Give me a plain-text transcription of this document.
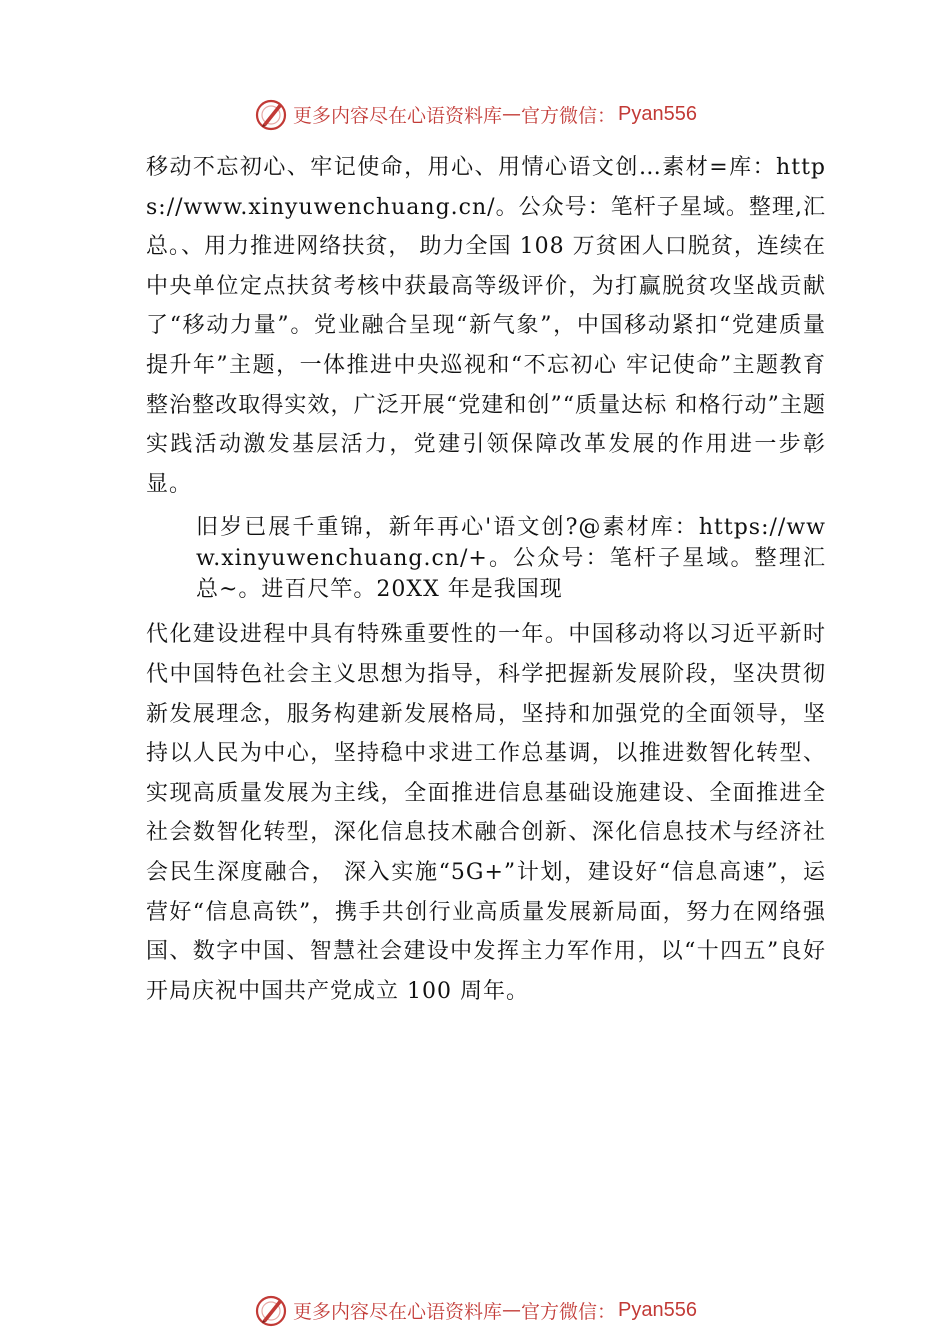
更多内容尽在心语资料库 — 官方微信： Pyan556

移动不忘初心、牢记使命，用心、用情心语文创…素材=库：https://www.xinyuwenchuang.cn/。公众号：笔杆子星域。整理,汇总。、用力推进网络扶贫， 助力全国 108 万贫困人口脱贫，连续在中央单位定点扶贫考核中获最高等级评价，为打赢脱贫攻坚战贡献了“移动力量”。党业融合呈现“新气象”，中国移动紧扣“党建质量提升年”主题，一体推进中央巡视和“不忘初心 牢记使命”主题教育整治整改取得实效，广泛开展“党建和创”“质量达标 和格行动”主题实践活动激发基层活力，党建引领保障改革发展的作用进一步彰显。

旧岁已展千重锦，新年再心'语文创?@素材库：https://www.xinyuwenchuang.cn/+。公众号：笔杆子星域。整理汇总~。进百尺竿。20XX 年是我国现

代化建设进程中具有特殊重要性的一年。中国移动将以习近平新时代中国特色社会主义思想为指导，科学把握新发展阶段，坚决贯彻新发展理念，服务构建新发展格局，坚持和加强党的全面领导，坚持以人民为中心，坚持稳中求进工作总基调，以推进数智化转型、实现高质量发展为主线，全面推进信息基础设施建设、全面推进全社会数智化转型，深化信息技术融合创新、深化信息技术与经济社会民生深度融合， 深入实施“5G+”计划，建设好“信息高速”，运营好“信息高铁”，携手共创行业高质量发展新局面，努力在网络强国、数字中国、智慧社会建设中发挥主力军作用，以“十四五”良好开局庆祝中国共产党成立 100 周年。

更多内容尽在心语资料库 — 官方微信： Pyan556
